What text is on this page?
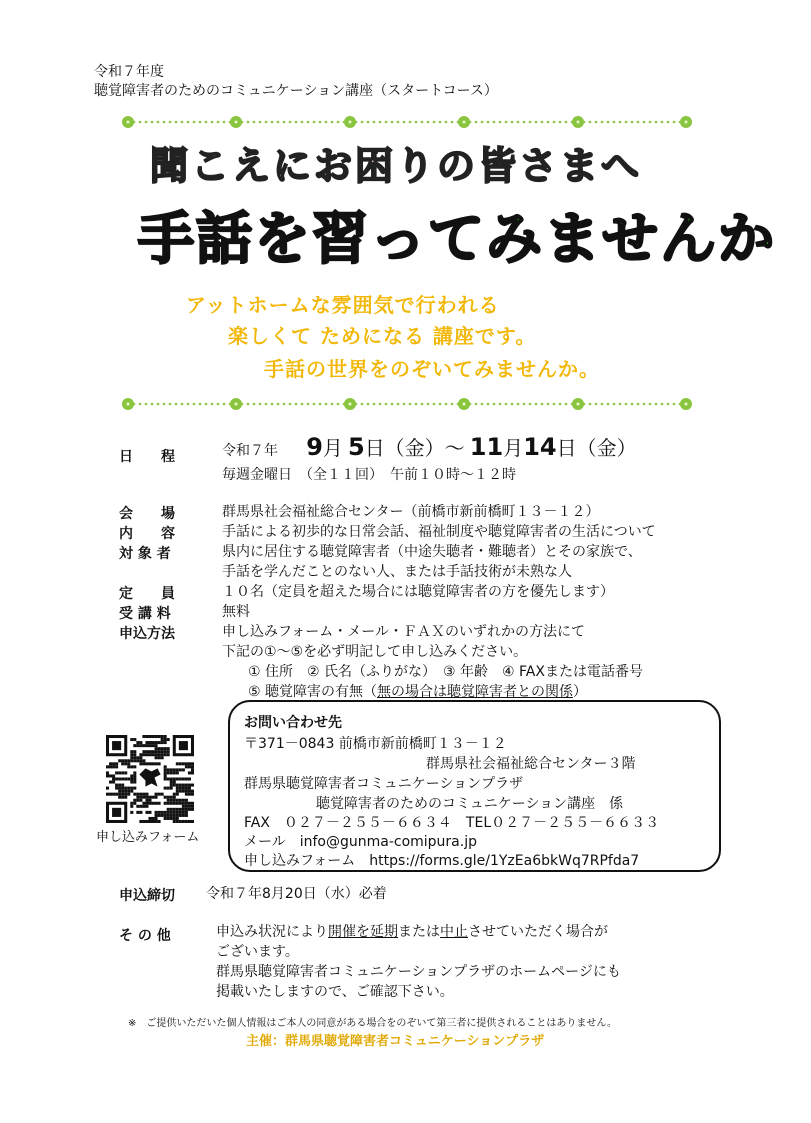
令和７年度
聴覚障害者のためのコミュニケーション講座（スタートコース）
聞こえにお困りの皆さまへ
手話を習ってみませんか
アットホームな雰囲気で行われる
楽しくて ためになる 講座です。
手話の世界をのぞいてみませんか。
日　　程	令和７年 9月 5日（金）～ 11月14日（金）
毎週金曜日　（全１１回）　午前１０時～１２時
会　　場	群馬県社会福祉総合センター（前橋市新前橋町１３－１２）
内　　容	手話による初歩的な日常会話、福祉制度や聴覚障害者の生活について
対 象 者	県内に居住する聴覚障害者（中途失聴者・難聴者）とその家族で、
手話を学んだことのない人、または手話技術が未熟な人
定　　員	１０名（定員を超えた場合には聴覚障害者の方を優先します）
受 講 料	無料
申込方法	申し込みフォーム・メール・ＦＡＸのいずれかの方法にて
下記の①～⑤を必ず明記して申し込みください。
① 住所　② 氏名（ふりがな）　③ 年齢　④ FAXまたは電話番号
⑤ 聴覚障害の有無（無の場合は聴覚障害者との関係）
申し込みフォーム
お問い合わせ先
〒371－0843 前橋市新前橋町１３－１２
群馬県社会福祉総合センター３階
群馬県聴覚障害者コミュニケーションプラザ
聴覚障害者のためのコミュニケーション講座　係
FAX　０２７－２５５－６６３４　TEL０２７－２５５－６６３３
メール　info@gunma-comipura.jp
申し込みフォーム　https://forms.gle/1YzEa6bkWq7RPfda7
申込締切 令和７年8月20日（水）必着
そ の 他	申込み状況により開催を延期または中止させていただく場合が
ございます。
群馬県聴覚障害者コミュニケーションプラザのホームページにも
掲載いたしますので、ご確認下さい。
※　ご提供いただいた個人情報はご本人の同意がある場合をのぞいて第三者に提供されることはありません。
主催：群馬県聴覚障害者コミュニケーションプラザ
